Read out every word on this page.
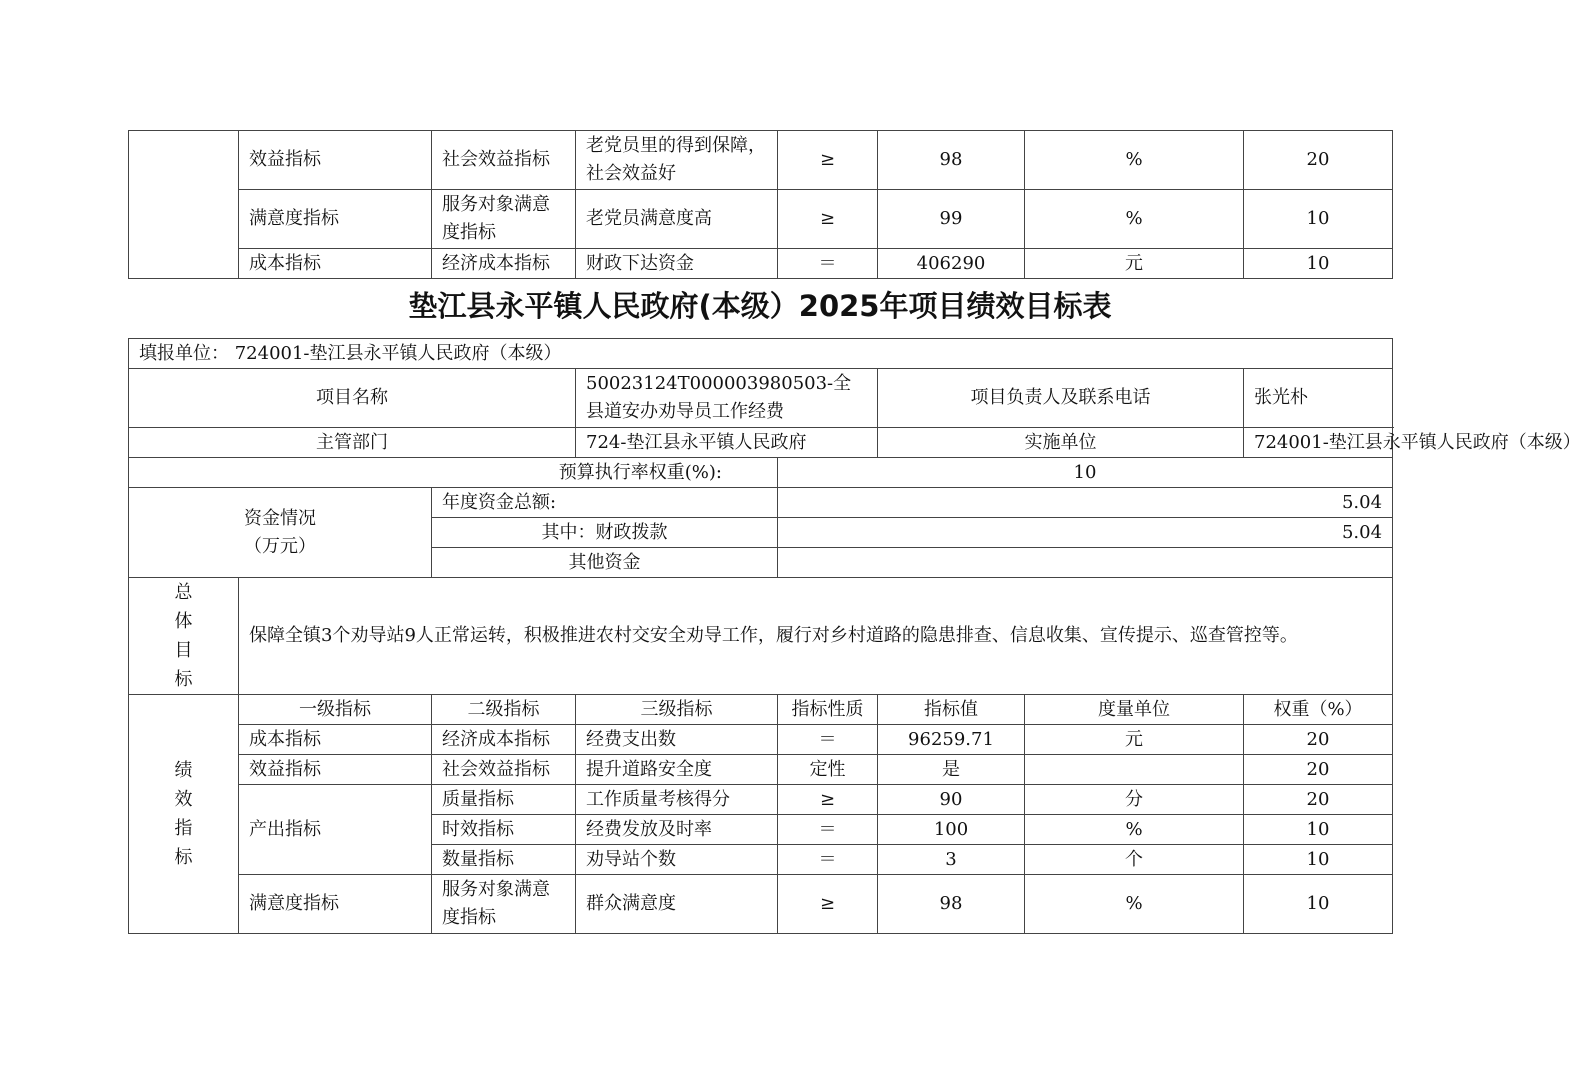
	效益指标	社会效益指标	老党员里的得到保障，社会效益好	≥	98	%	20
	满意度指标	服务对象满意度指标	老党员满意度高	≥	99	%	10
	成本指标	经济成本指标	财政下达资金	＝	406290	元	10
垫江县永平镇人民政府(本级）2025年项目绩效目标表
填报单位： 724001-垫江县永平镇人民政府（本级）							
项目名称			50023124T000003980503-全县道安办劝导员工作经费		项目负责人及联系电话		张光朴
主管部门			724-垫江县永平镇人民政府		实施单位		724001-垫江县永平镇人民政府（本级）
预算执行率权重(%):				10			

资金情况
（万元）		年度资金总额:		5.04			
		其中：财政拨款		5.04			
		其他资金					

总
体
目
标	保障全镇3个劝导站9人正常运转，积极推进农村交安全劝导工作，履行对乡村道路的隐患排查、信息收集、宣传提示、巡查管控等。						

绩
效
指
标	一级指标	二级指标	三级指标	指标性质	指标值	度量单位	权重（%）
	成本指标	经济成本指标	经费支出数	＝	96259.71	元	20
	效益指标	社会效益指标	提升道路安全度	定性	是		20
	产出指标	质量指标	工作质量考核得分	≥	90	分	20
		时效指标	经费发放及时率	＝	100	%	10
		数量指标	劝导站个数	＝	3	个	10
	满意度指标	服务对象满意度指标	群众满意度	≥	98	%	10
